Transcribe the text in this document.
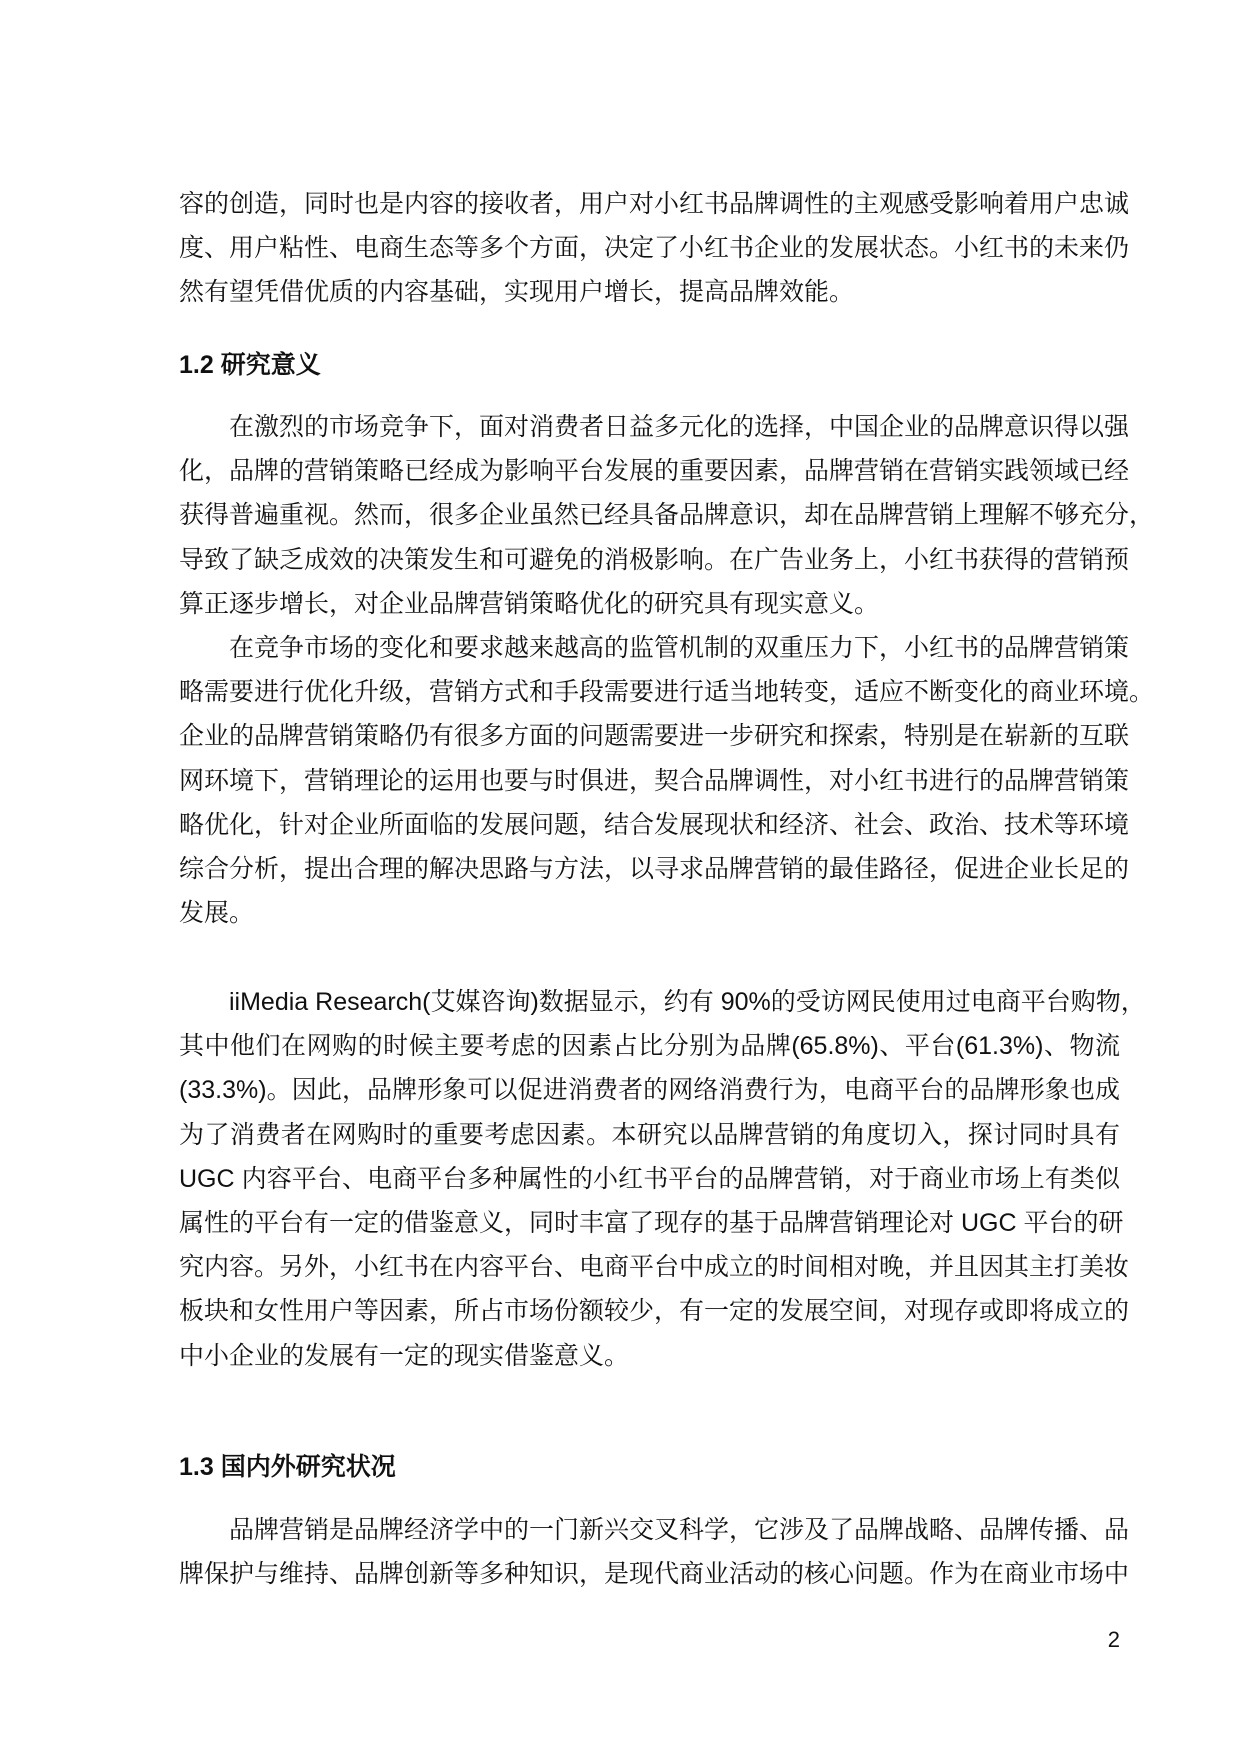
容的创造，同时也是内容的接收者，用户对小红书品牌调性的主观感受影响着用户忠诚
度、用户粘性、电商生态等多个方面，决定了小红书企业的发展状态。小红书的未来仍
然有望凭借优质的内容基础，实现用户增长，提高品牌效能。
1.2 研究意义
在激烈的市场竞争下，面对消费者日益多元化的选择，中国企业的品牌意识得以强
化，品牌的营销策略已经成为影响平台发展的重要因素，品牌营销在营销实践领域已经
获得普遍重视。然而，很多企业虽然已经具备品牌意识，却在品牌营销上理解不够充分，
导致了缺乏成效的决策发生和可避免的消极影响。在广告业务上，小红书获得的营销预
算正逐步增长，对企业品牌营销策略优化的研究具有现实意义。
在竞争市场的变化和要求越来越高的监管机制的双重压力下，小红书的品牌营销策
略需要进行优化升级，营销方式和手段需要进行适当地转变，适应不断变化的商业环境。
企业的品牌营销策略仍有很多方面的问题需要进一步研究和探索，特别是在崭新的互联
网环境下，营销理论的运用也要与时俱进，契合品牌调性，对小红书进行的品牌营销策
略优化，针对企业所面临的发展问题，结合发展现状和经济、社会、政治、技术等环境
综合分析，提出合理的解决思路与方法，以寻求品牌营销的最佳路径，促进企业长足的
发展。
iiMedia Research(艾媒咨询)数据显示，约有 90%的受访网民使用过电商平台购物，
其中他们在网购的时候主要考虑的因素占比分别为品牌(65.8%)、平台(61.3%)、物流
(33.3%)。因此，品牌形象可以促进消费者的网络消费行为，电商平台的品牌形象也成
为了消费者在网购时的重要考虑因素。本研究以品牌营销的角度切入，探讨同时具有
UGC 内容平台、电商平台多种属性的小红书平台的品牌营销，对于商业市场上有类似
属性的平台有一定的借鉴意义，同时丰富了现存的基于品牌营销理论对 UGC 平台的研
究内容。另外，小红书在内容平台、电商平台中成立的时间相对晚，并且因其主打美妆
板块和女性用户等因素，所占市场份额较少，有一定的发展空间，对现存或即将成立的
中小企业的发展有一定的现实借鉴意义。
1.3 国内外研究状况
品牌营销是品牌经济学中的一门新兴交叉科学，它涉及了品牌战略、品牌传播、品
牌保护与维持、品牌创新等多种知识，是现代商业活动的核心问题。作为在商业市场中
2
